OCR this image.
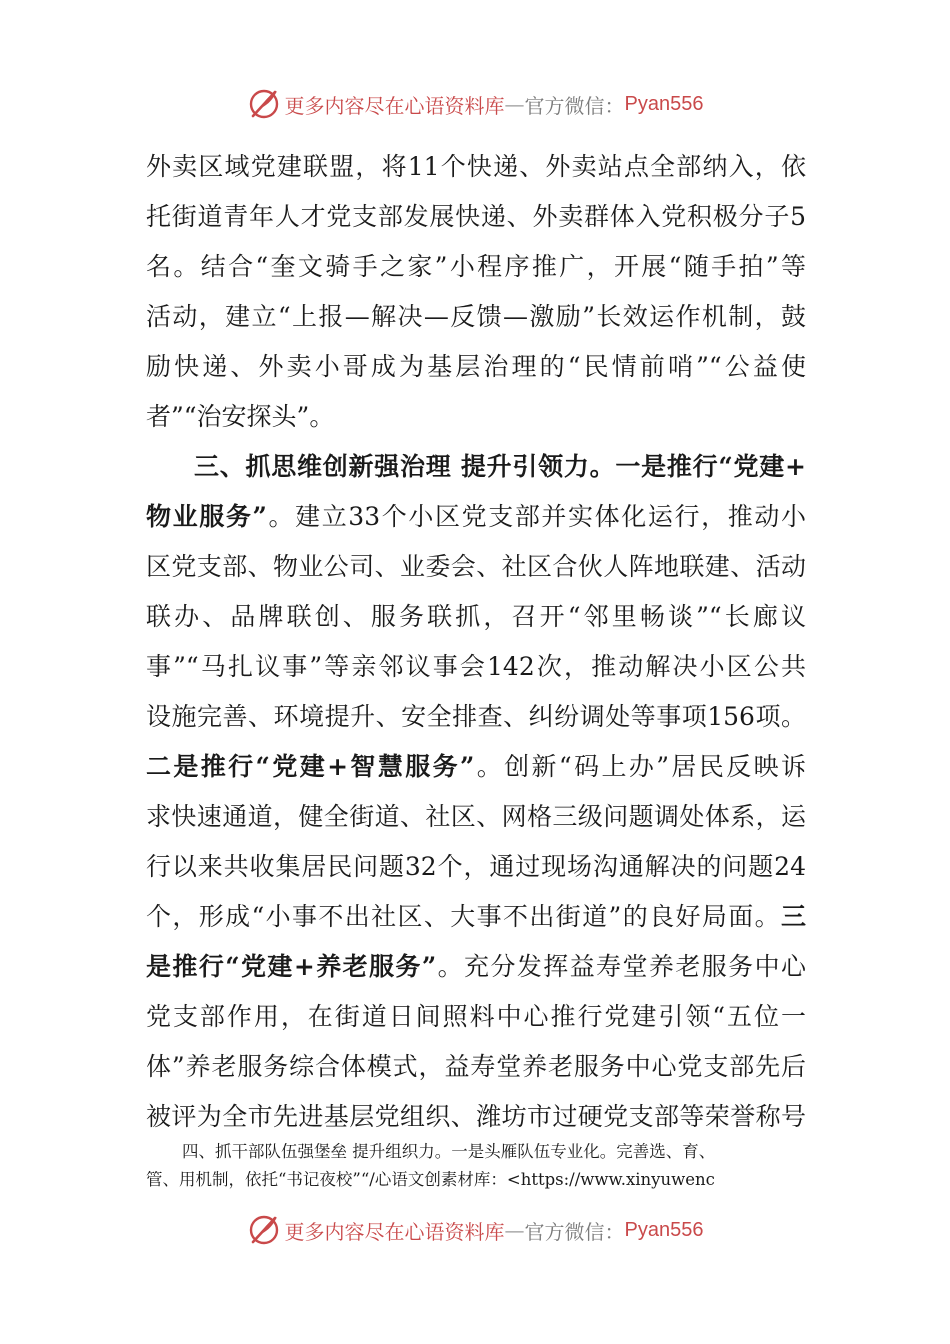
更多内容尽在心语资料库 — 官方微信： Pyan556
外卖区域党建联盟，将11个快递、外卖站点全部纳入，依
托街道青年人才党支部发展快递、外卖群体入党积极分子5
名。结合“奎文骑手之家”小程序推广，开展“随手拍”等
活动，建立“上报—解决—反馈—激励”长效运作机制，鼓
励快递、外卖小哥成为基层治理的“民情前哨”“公益使
者”“治安探头”。
三、抓思维创新强治理 提升引领力。一是推行“党建+
物业服务”。建立33个小区党支部并实体化运行，推动小
区党支部、物业公司、业委会、社区合伙人阵地联建、活动
联办、品牌联创、服务联抓，召开“邻里畅谈”“长廊议
事”“马扎议事”等亲邻议事会142次，推动解决小区公共
设施完善、环境提升、安全排查、纠纷调处等事项156项。
二是推行“党建+智慧服务”。创新“码上办”居民反映诉
求快速通道，健全街道、社区、网格三级问题调处体系，运
行以来共收集居民问题32个，通过现场沟通解决的问题24
个，形成“小事不出社区、大事不出街道”的良好局面。三
是推行“党建+养老服务”。充分发挥益寿堂养老服务中心
党支部作用，在街道日间照料中心推行党建引领“五位一
体”养老服务综合体模式，益寿堂养老服务中心党支部先后
被评为全市先进基层党组织、潍坊市过硬党支部等荣誉称号
四、抓干部队伍强堡垒 提升组织力。一是头雁队伍专业化。完善选、育、
管、用机制，依托“书记夜校”“/心语文创素材库：<https://www.xinyuwenc
更多内容尽在心语资料库 — 官方微信： Pyan556
